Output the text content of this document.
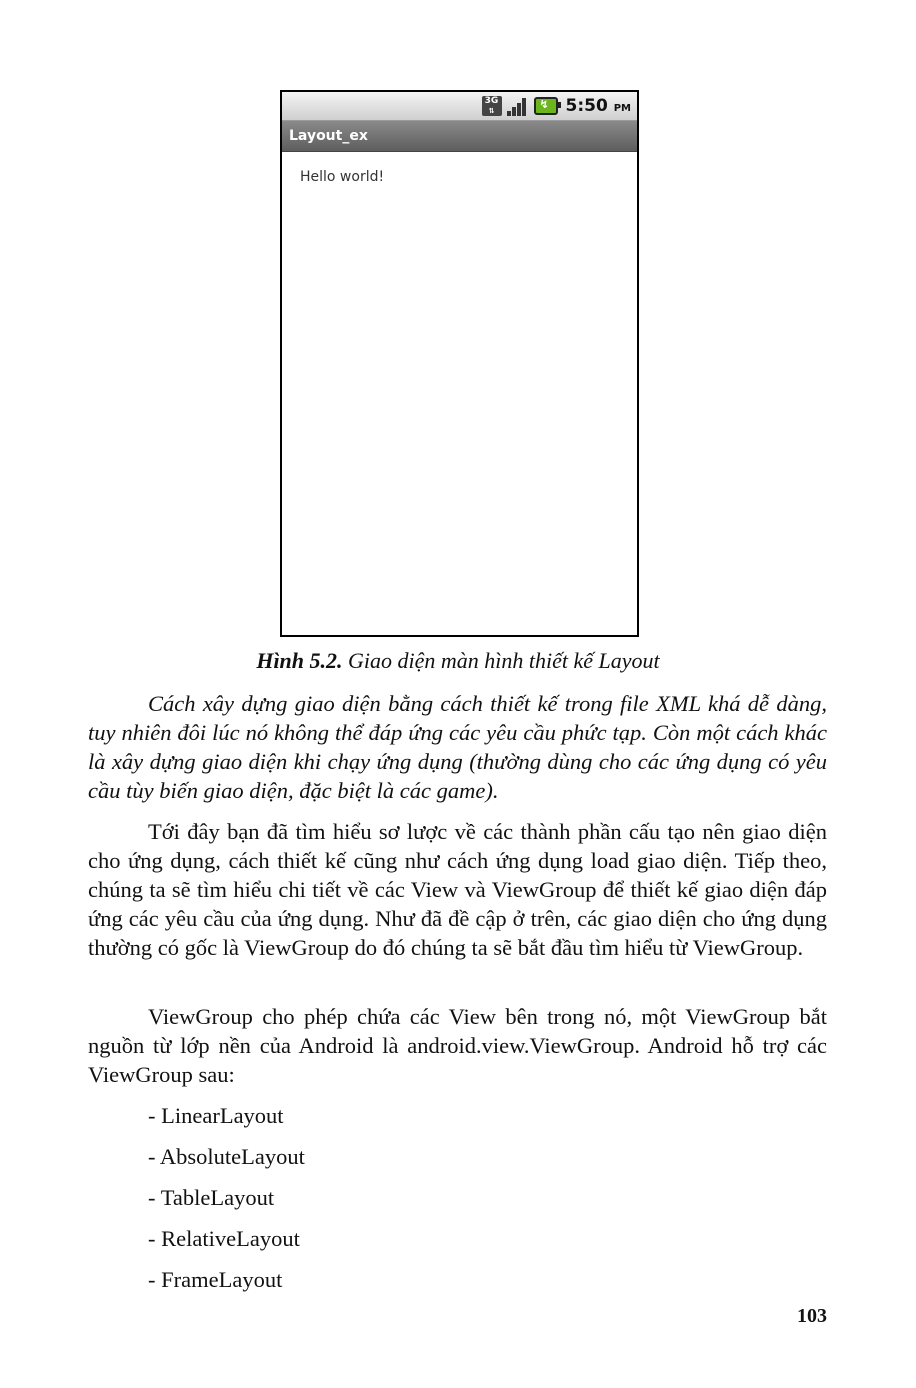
3G
⇅	↯ 5:50 PM
Layout_ex
Hello world!
Hình 5.2. Giao diện màn hình thiết kế Layout

Cách xây dựng giao diện bằng cách thiết kế trong file XML khá dễ dàng, tuy nhiên đôi lúc nó không thể đáp ứng các yêu cầu phức tạp. Còn một cách khác là xây dựng giao diện khi chạy ứng dụng (thường dùng cho các ứng dụng có yêu cầu tùy biến giao diện, đặc biệt là các game).

Tới đây bạn đã tìm hiểu sơ lược về các thành phần cấu tạo nên giao diện cho ứng dụng, cách thiết kế cũng như cách ứng dụng load giao diện. Tiếp theo, chúng ta sẽ tìm hiểu chi tiết về các View và ViewGroup để thiết kế giao diện đáp ứng các yêu cầu của ứng dụng. Như đã đề cập ở trên, các giao diện cho ứng dụng thường có gốc là ViewGroup do đó chúng ta sẽ bắt đầu tìm hiểu từ ViewGroup.

ViewGroup cho phép chứa các View bên trong nó, một ViewGroup bắt nguồn từ lớp nền của Android là android.view.ViewGroup. Android hỗ trợ các ViewGroup sau:

- LinearLayout
- AbsoluteLayout
- TableLayout
- RelativeLayout
- FrameLayout
103
